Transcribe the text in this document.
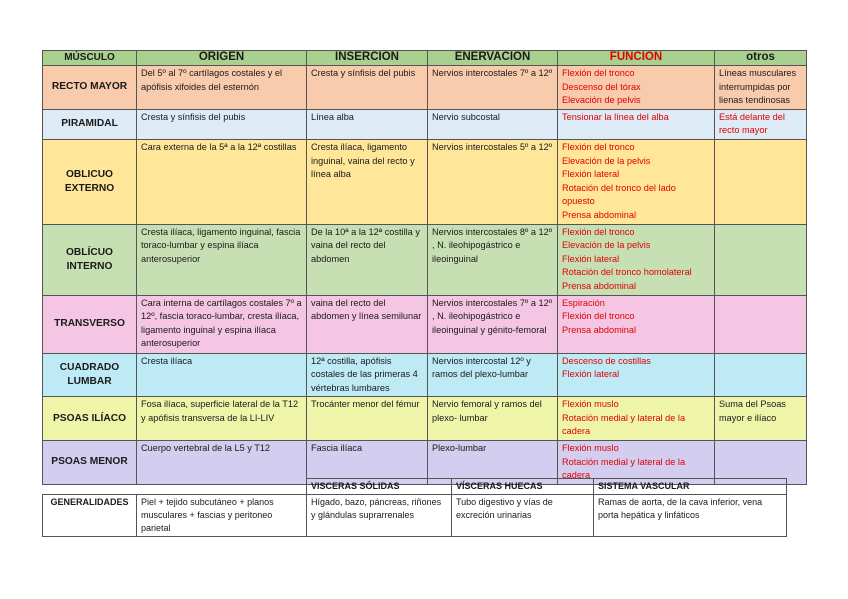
MÚSCULO	ORIGEN	INSERCIÓN	ENERVACIÓN	FUNCIÓN	otros
RECTO MAYOR	Del 5º al 7º cartílagos costales y el apófisis xifoides del esternón	Cresta y sínfisis del pubis	Nervios intercostales 7º a 12º	Flexión del tronco
Descenso del tórax
Elevación de pelvis	Líneas musculares interrumpidas por lienas tendinosas
PIRAMIDAL	Cresta y sínfisis del pubis	Línea alba	Nervio subcostal	Tensionar la línea del alba	Está delante del recto mayor
OBLICUO EXTERNO	Cara externa de la 5ª a la 12ª costillas	Cresta ilíaca, ligamento inguinal, vaina del recto y línea alba	Nervios intercostales 5º a 12º	Flexión del tronco
Elevación de la pelvis
Flexión lateral
Rotación del tronco del lado opuesto
Prensa abdominal	

OBLÍCUO INTERNO	Cresta ilíaca, ligamento inguinal, fascia toraco-lumbar y espina ilíaca anterosuperior	De la 10ª a la 12ª costilla y vaina del recto del abdomen	Nervios intercostales 8º a 12º , N. ileohipogástrico e ileoinguinal	Flexión del tronco
Elevación de la pelvis
Flexión lateral
Rotación del tronco homolateral
Prensa abdominal	

TRANSVERSO	Cara interna de cartílagos costales 7º a 12º, fascia toraco-lumbar, cresta ilíaca, ligamento inguinal y espina ilíaca anterosuperior	vaina del recto del abdomen y línea semilunar	Nervios intercostales 7º a 12º , N. ileohipogástrico e ileoinguinal y génito-femoral	Espiración
Flexión del tronco
Prensa abdominal	

CUADRADO LUMBAR	Cresta ilíaca	12ª costilla, apófisis costales de las primeras 4 vértebras lumbares	Nervios intercostal 12º y ramos del plexo-lumbar	Descenso de costillas
Flexión lateral	

PSOAS ILÍACO	Fosa ilíaca, superficie lateral de la T12 y apófisis transversa de la LI-LIV	Trocánter menor del fémur	Nervio femoral y ramos del plexo- lumbar	Flexión muslo
Rotación medial y lateral de la cadera	Suma del Psoas mayor e ilíaco
PSOAS MENOR	Cuerpo vertebral de la L5 y T12	Fascia ilíaca	Plexo-lumbar	Flexión muslo
Rotación medial y lateral de la cadera	

		VISCERAS SÓLIDAS	VÍSCERAS HUECAS	SISTEMA VASCULAR
GENERALIDADES	Piel + tejido subcutáneo + planos musculares + fascias y peritoneo parietal	Hígado, bazo, páncreas, riñones y glándulas suprarrenales	Tubo digestivo y vías de excreción urinarias	Ramas de aorta, de la cava inferior, vena porta hepática y linfáticos
